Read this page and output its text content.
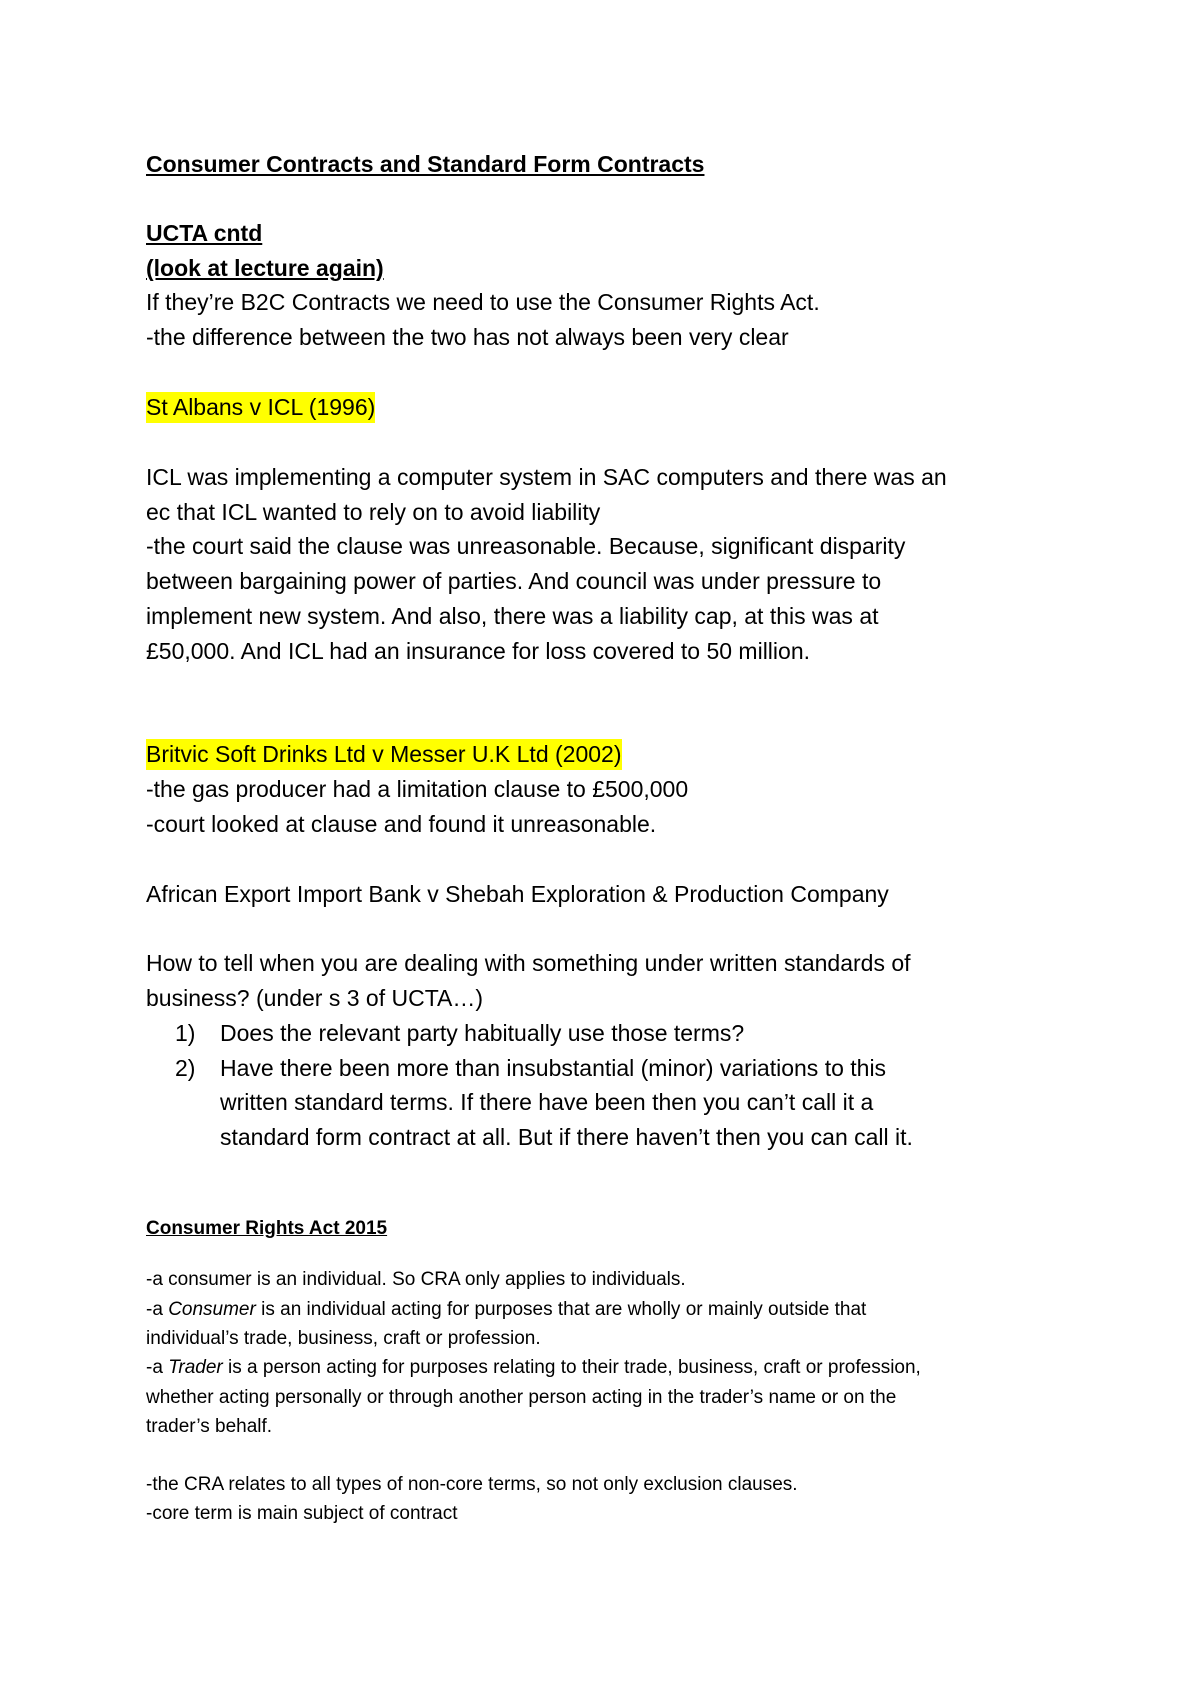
Consumer Contracts and Standard Form Contracts
UCTA cntd
(look at lecture again)
If they’re B2C Contracts we need to use the Consumer Rights Act.
-the difference between the two has not always been very clear
St Albans v ICL (1996)
ICL was implementing a computer system in SAC computers and there was an
ec that ICL wanted to rely on to avoid liability
-the court said the clause was unreasonable. Because, significant disparity
between bargaining power of parties. And council was under pressure to
implement new system. And also, there was a liability cap, at this was at
£50,000. And ICL had an insurance for loss covered to 50 million.
Britvic Soft Drinks Ltd v Messer U.K Ltd (2002)
-the gas producer had a limitation clause to £500,000
-court looked at clause and found it unreasonable.
African Export Import Bank v Shebah Exploration & Production Company
How to tell when you are dealing with something under written standards of
business? (under s 3 of UCTA…)
1) Does the relevant party habitually use those terms?
2) Have there been more than insubstantial (minor) variations to this
written standard terms. If there have been then you can’t call it a
standard form contract at all. But if there haven’t then you can call it.
Consumer Rights Act 2015
-a consumer is an individual. So CRA only applies to individuals.
-a Consumer is an individual acting for purposes that are wholly or mainly outside that
individual’s trade, business, craft or profession.
-a Trader is a person acting for purposes relating to their trade, business, craft or profession,
whether acting personally or through another person acting in the trader’s name or on the
trader’s behalf.
-the CRA relates to all types of non-core terms, so not only exclusion clauses.
-core term is main subject of contract
